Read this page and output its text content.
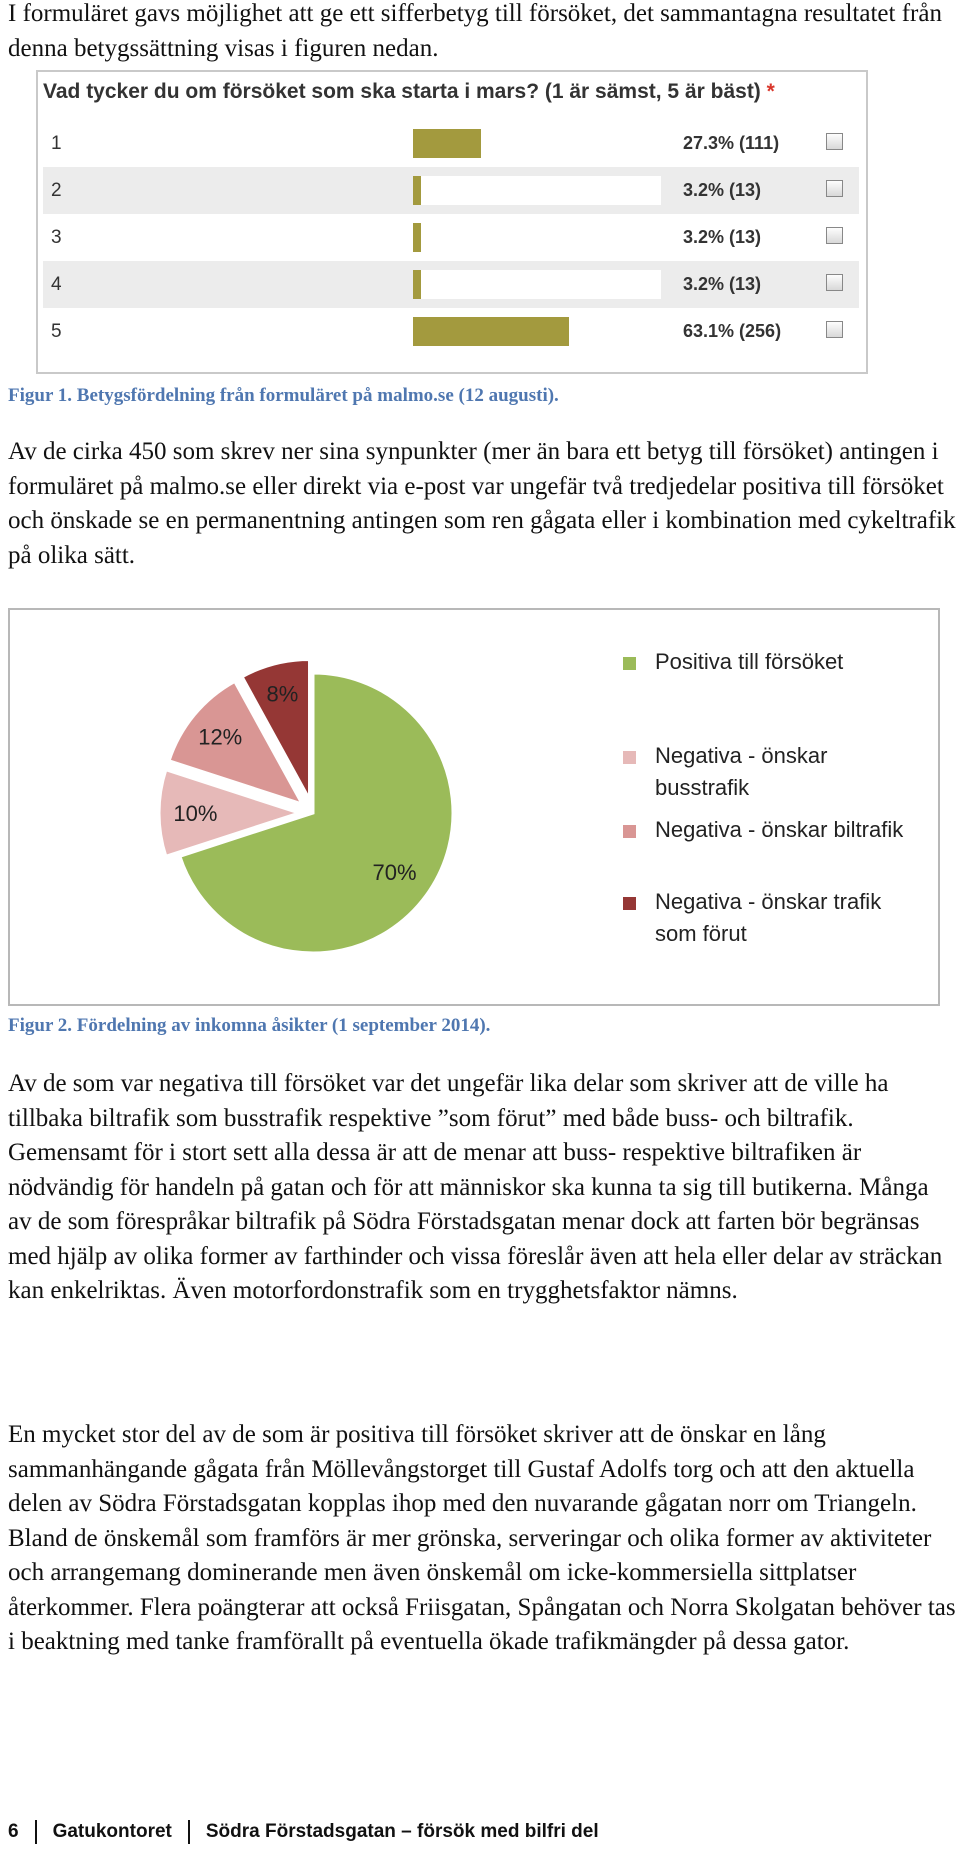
I formuläret gavs möjlighet att ge ett sifferbetyg till försöket, det sammantagna resultatet från denna betygssättning visas i figuren nedan.

Vad tycker du om försöket som ska starta i mars? (1 är sämst, 5 är bäst) *
1	27.3% (111)
2	3.2% (13)
3	3.2% (13)
4	3.2% (13)
5	63.1% (256)

Figur 1. Betygsfördelning från formuläret på malmo.se (12 augusti).

Av de cirka 450 som skrev ner sina synpunkter (mer än bara ett betyg till försöket) antingen i formuläret på malmo.se eller direkt via e-post var ungefär två tredjedelar positiva till försöket och önskade se en permanentning antingen som ren gågata eller i kombination med cykeltrafik på olika sätt.

70%
10%
12%
8%
Positiva till försöket
Negativa - önskar busstrafik
Negativa - önskar biltrafik
Negativa - önskar trafik som förut

Figur 2. Fördelning av inkomna åsikter (1 september 2014).

Av de som var negativa till försöket var det ungefär lika delar som skriver att de ville ha tillbaka biltrafik som busstrafik respektive ”som förut” med både buss- och biltrafik. Gemensamt för i stort sett alla dessa är att de menar att buss- respektive biltrafiken är nödvändig för handeln på gatan och för att människor ska kunna ta sig till butikerna. Många av de som förespråkar biltrafik på Södra Förstadsgatan menar dock att farten bör begränsas med hjälp av olika former av farthinder och vissa föreslår även att hela eller delar av sträckan kan enkelriktas. Även motorfordonstrafik som en trygghetsfaktor nämns.

En mycket stor del av de som är positiva till försöket skriver att de önskar en lång sammanhängande gågata från Möllevångstorget till Gustaf Adolfs torg och att den aktuella delen av Södra Förstadsgatan kopplas ihop med den nuvarande gågatan norr om Triangeln. Bland de önskemål som framförs är mer grönska, serveringar och olika former av aktiviteter och arrangemang dominerande men även önskemål om icke-kommersiella sittplatser återkommer. Flera poängterar att också Friisgatan, Spångatan och Norra Skolgatan behöver tas i beaktning med tanke framförallt på eventuella ökade trafikmängder på dessa gator.

6 Gatukontoret Södra Förstadsgatan – försök med bilfri del
